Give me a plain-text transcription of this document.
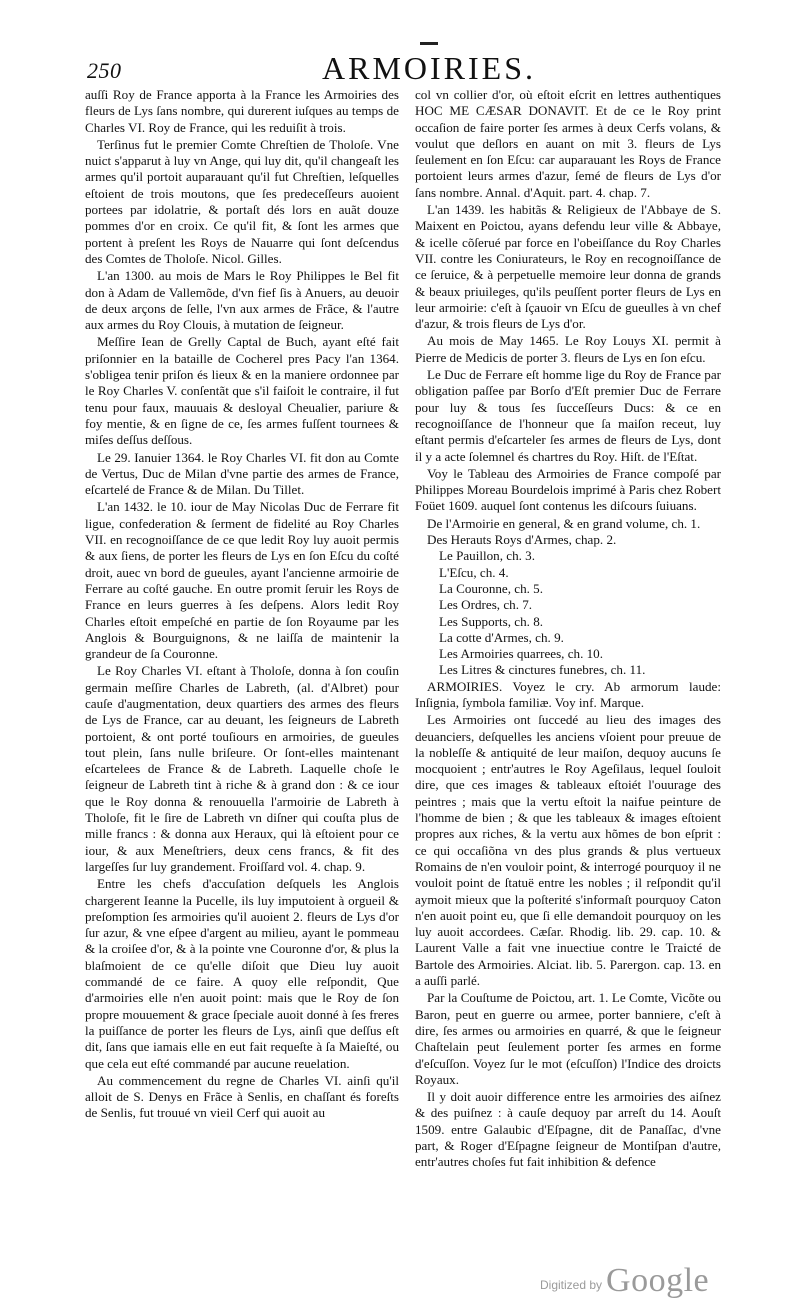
250	ARMOIRIES.

auſſi Roy de France apporta à la France les Armoiries des fleurs de Lys ſans nombre, qui durerent iuſques au temps de Charles VI. Roy de France, qui les reduiſit à trois.

Terſinus fut le premier Comte Chreſtien de Tholoſe. Vne nuict s'apparut à luy vn Ange, qui luy dit, qu'il changeaſt les armes qu'il portoit auparauant qu'il fut Chreſtien, leſquelles eſtoient de trois moutons, que ſes predeceſſeurs auoient portees par idolatrie, & portaſt dés lors en auãt douze pommes d'or en croix. Ce qu'il fit, & ſont les armes que portent à preſent les Roys de Nauarre qui ſont deſcendus des Comtes de Tholoſe. Nicol. Gilles.

L'an 1300. au mois de Mars le Roy Philippes le Bel fit don à Adam de Vallemõde, d'vn fief ſis à Anuers, au deuoir de deux arçons de ſelle, l'vn aux armes de Frãce, & l'autre aux armes du Roy Clouis, à mutation de ſeigneur.

Meſſire Iean de Grelly Captal de Buch, ayant eſté fait priſonnier en la bataille de Cocherel pres Pacy l'an 1364. s'obligea tenir priſon és lieux & en la maniere ordonnee par le Roy Charles V. conſentãt que s'il faiſoit le contraire, il fut tenu pour faux, mauuais & desloyal Cheualier, pariure & foy mentie, & en ſigne de ce, ſes armes fuſſent tournees & miſes deſſus deſſous.

Le 29. Ianuier 1364. le Roy Charles VI. fit don au Comte de Vertus, Duc de Milan d'vne partie des armes de France, eſcartelé de France & de Milan. Du Tillet.

L'an 1432. le 10. iour de May Nicolas Duc de Ferrare fit ligue, confederation & ſerment de fidelité au Roy Charles VII. en recognoiſſance de ce que ledit Roy luy auoit permis & aux ſiens, de porter les fleurs de Lys en ſon Eſcu du coſté droit, auec vn bord de gueules, ayant l'ancienne armoirie de Ferrare au coſté gauche. En outre promit ſeruir les Roys de France en leurs guerres à ſes deſpens. Alors ledit Roy Charles eſtoit empeſché en partie de ſon Royaume par les Anglois & Bourguignons, & ne laiſſa de maintenir la grandeur de ſa Couronne.

Le Roy Charles VI. eſtant à Tholoſe, donna à ſon couſin germain meſſire Charles de Labreth, (al. d'Albret) pour cauſe d'augmentation, deux quartiers des armes des fleurs de Lys de France, car au deuant, les ſeigneurs de Labreth portoient, & ont porté touſiours en armoiries, de gueules tout plein, ſans nulle briſeure. Or ſont-elles maintenant eſcartelees de France & de Labreth. Laquelle choſe le ſeigneur de Labreth tint à riche & à grand don : & ce iour que le Roy donna & renouuella l'armoirie de Labreth à Tholoſe, fit le ſire de Labreth vn diſner qui couſta plus de mille francs : & donna aux Heraux, qui là eſtoient pour ce iour, & aux Meneſtriers, deux cens francs, & fit des largeſſes ſur luy grandement. Froiſſard vol. 4. chap. 9.

Entre les chefs d'accuſation deſquels les Anglois chargerent Ieanne la Pucelle, ils luy imputoient à orgueil & preſomption ſes armoiries qu'il auoient 2. fleurs de Lys d'or ſur azur, & vne eſpee d'argent au milieu, ayant le pommeau & la croiſee d'or, & à la pointe vne Couronne d'or, & plus la blaſmoient de ce qu'elle diſoit que Dieu luy auoit commandé de ce faire. A quoy elle reſpondit, Que d'armoiries elle n'en auoit point: mais que le Roy de ſon propre mouuement & grace ſpeciale auoit donné à ſes freres la puiſſance de porter les fleurs de Lys, ainſi que deſſus eſt dit, ſans que iamais elle en eut fait requeſte à ſa Maieſté, ou que cela eut eſté commandé par aucune reuelation.

Au commencement du regne de Charles VI. ainſi qu'il alloit de S. Denys en Frãce à Senlis, en chaſſant és foreſts de Senlis, fut trouué vn vieil Cerf qui auoit au

col vn collier d'or, où eſtoit eſcrit en lettres authentiques HOC ME CÆSAR DONAVIT. Et de ce le Roy print occaſion de faire porter ſes armes à deux Cerfs volans, & voulut que deſlors en auant on mit 3. fleurs de Lys ſeulement en ſon Eſcu: car auparauant les Roys de France portoient leurs armes d'azur, ſemé de fleurs de Lys d'or ſans nombre. Annal. d'Aquit. part. 4. chap. 7.

L'an 1439. les habitãs & Religieux de l'Abbaye de S. Maixent en Poictou, ayans defendu leur ville & Abbaye, & icelle cõſerué par force en l'obeiſſance du Roy Charles VII. contre les Coniurateurs, le Roy en recognoiſſance de ce ſeruice, & à perpetuelle memoire leur donna de grands & beaux priuileges, qu'ils peuſſent porter fleurs de Lys en leur armoirie: c'eſt à ſçauoir vn Eſcu de gueulles à vn chef d'azur, & trois fleurs de Lys d'or.

Au mois de May 1465. Le Roy Louys XI. permit à Pierre de Medicis de porter 3. fleurs de Lys en ſon eſcu.

Le Duc de Ferrare eſt homme lige du Roy de France par obligation paſſee par Borſo d'Eſt premier Duc de Ferrare pour luy & tous ſes ſucceſſeurs Ducs: & ce en recognoiſſance de l'honneur que ſa maiſon receut, luy eſtant permis d'eſcarteler ſes armes de fleurs de Lys, dont il y a acte ſolemnel és chartres du Roy. Hiſt. de l'Eſtat.

Voy le Tableau des Armoiries de France compoſé par Philippes Moreau Bourdelois imprimé à Paris chez Robert Foüet 1609. auquel ſont contenus les diſcours ſuiuans.

De l'Armoirie en general, & en grand volume, ch. 1.

Des Herauts Roys d'Armes, chap. 2.

Le Pauillon, ch. 3.

L'Eſcu, ch. 4.

La Couronne, ch. 5.

Les Ordres, ch. 7.

Les Supports, ch. 8.

La cotte d'Armes, ch. 9.

Les Armoiries quarrees, ch. 10.

Les Litres & cinctures funebres, ch. 11.

ARMOIRIES. Voyez le cry. Ab armorum laude: Inſignia, ſymbola familiæ. Voy inf. Marque.

Les Armoiries ont ſuccedé au lieu des images des deuanciers, deſquelles les anciens vſoient pour preuue de la nobleſſe & antiquité de leur maiſon, dequoy aucuns ſe mocquoient ; entr'autres le Roy Ageſilaus, lequel ſouloit dire, que ces images & tableaux eſtoiét l'ouurage des peintres ; mais que la vertu eſtoit la naifue peinture de l'homme de bien ; & que les tableaux & images eſtoient propres aux riches, & la vertu aux hõmes de bon eſprit : ce qui occaſiõna vn des plus grands & plus vertueux Romains de n'en vouloir point, & interrogé pourquoy il ne vouloit point de ſtatuë entre les nobles ; il reſpondit qu'il aymoit mieux que la poſterité s'informaſt pourquoy Caton n'en auoit point eu, que ſi elle demandoit pourquoy on les luy auoit accordees. Cæſar. Rhodig. lib. 29. cap. 10. & Laurent Valle a fait vne inuectiue contre le Traicté de Bartole des Armoiries. Alciat. lib. 5. Parergon. cap. 13. en a auſſi parlé.

Par la Couſtume de Poictou, art. 1. Le Comte, Vicõte ou Baron, peut en guerre ou armee, porter banniere, c'eſt à dire, ſes armes ou armoiries en quarré, & que le ſeigneur Chaſtelain peut ſeulement porter ſes armes en forme d'eſcuſſon. Voyez ſur le mot (eſcuſſon) l'Indice des droicts Royaux.

Il y doit auoir difference entre les armoiries des aiſnez & des puiſnez : à cauſe dequoy par arreſt du 14. Aouſt 1509. entre Galaubic d'Eſpagne, dit de Panaſſac, d'vne part, & Roger d'Eſpagne ſeigneur de Montiſpan d'autre, entr'autres choſes fut fait inhibition & defence

Digitized by Google
